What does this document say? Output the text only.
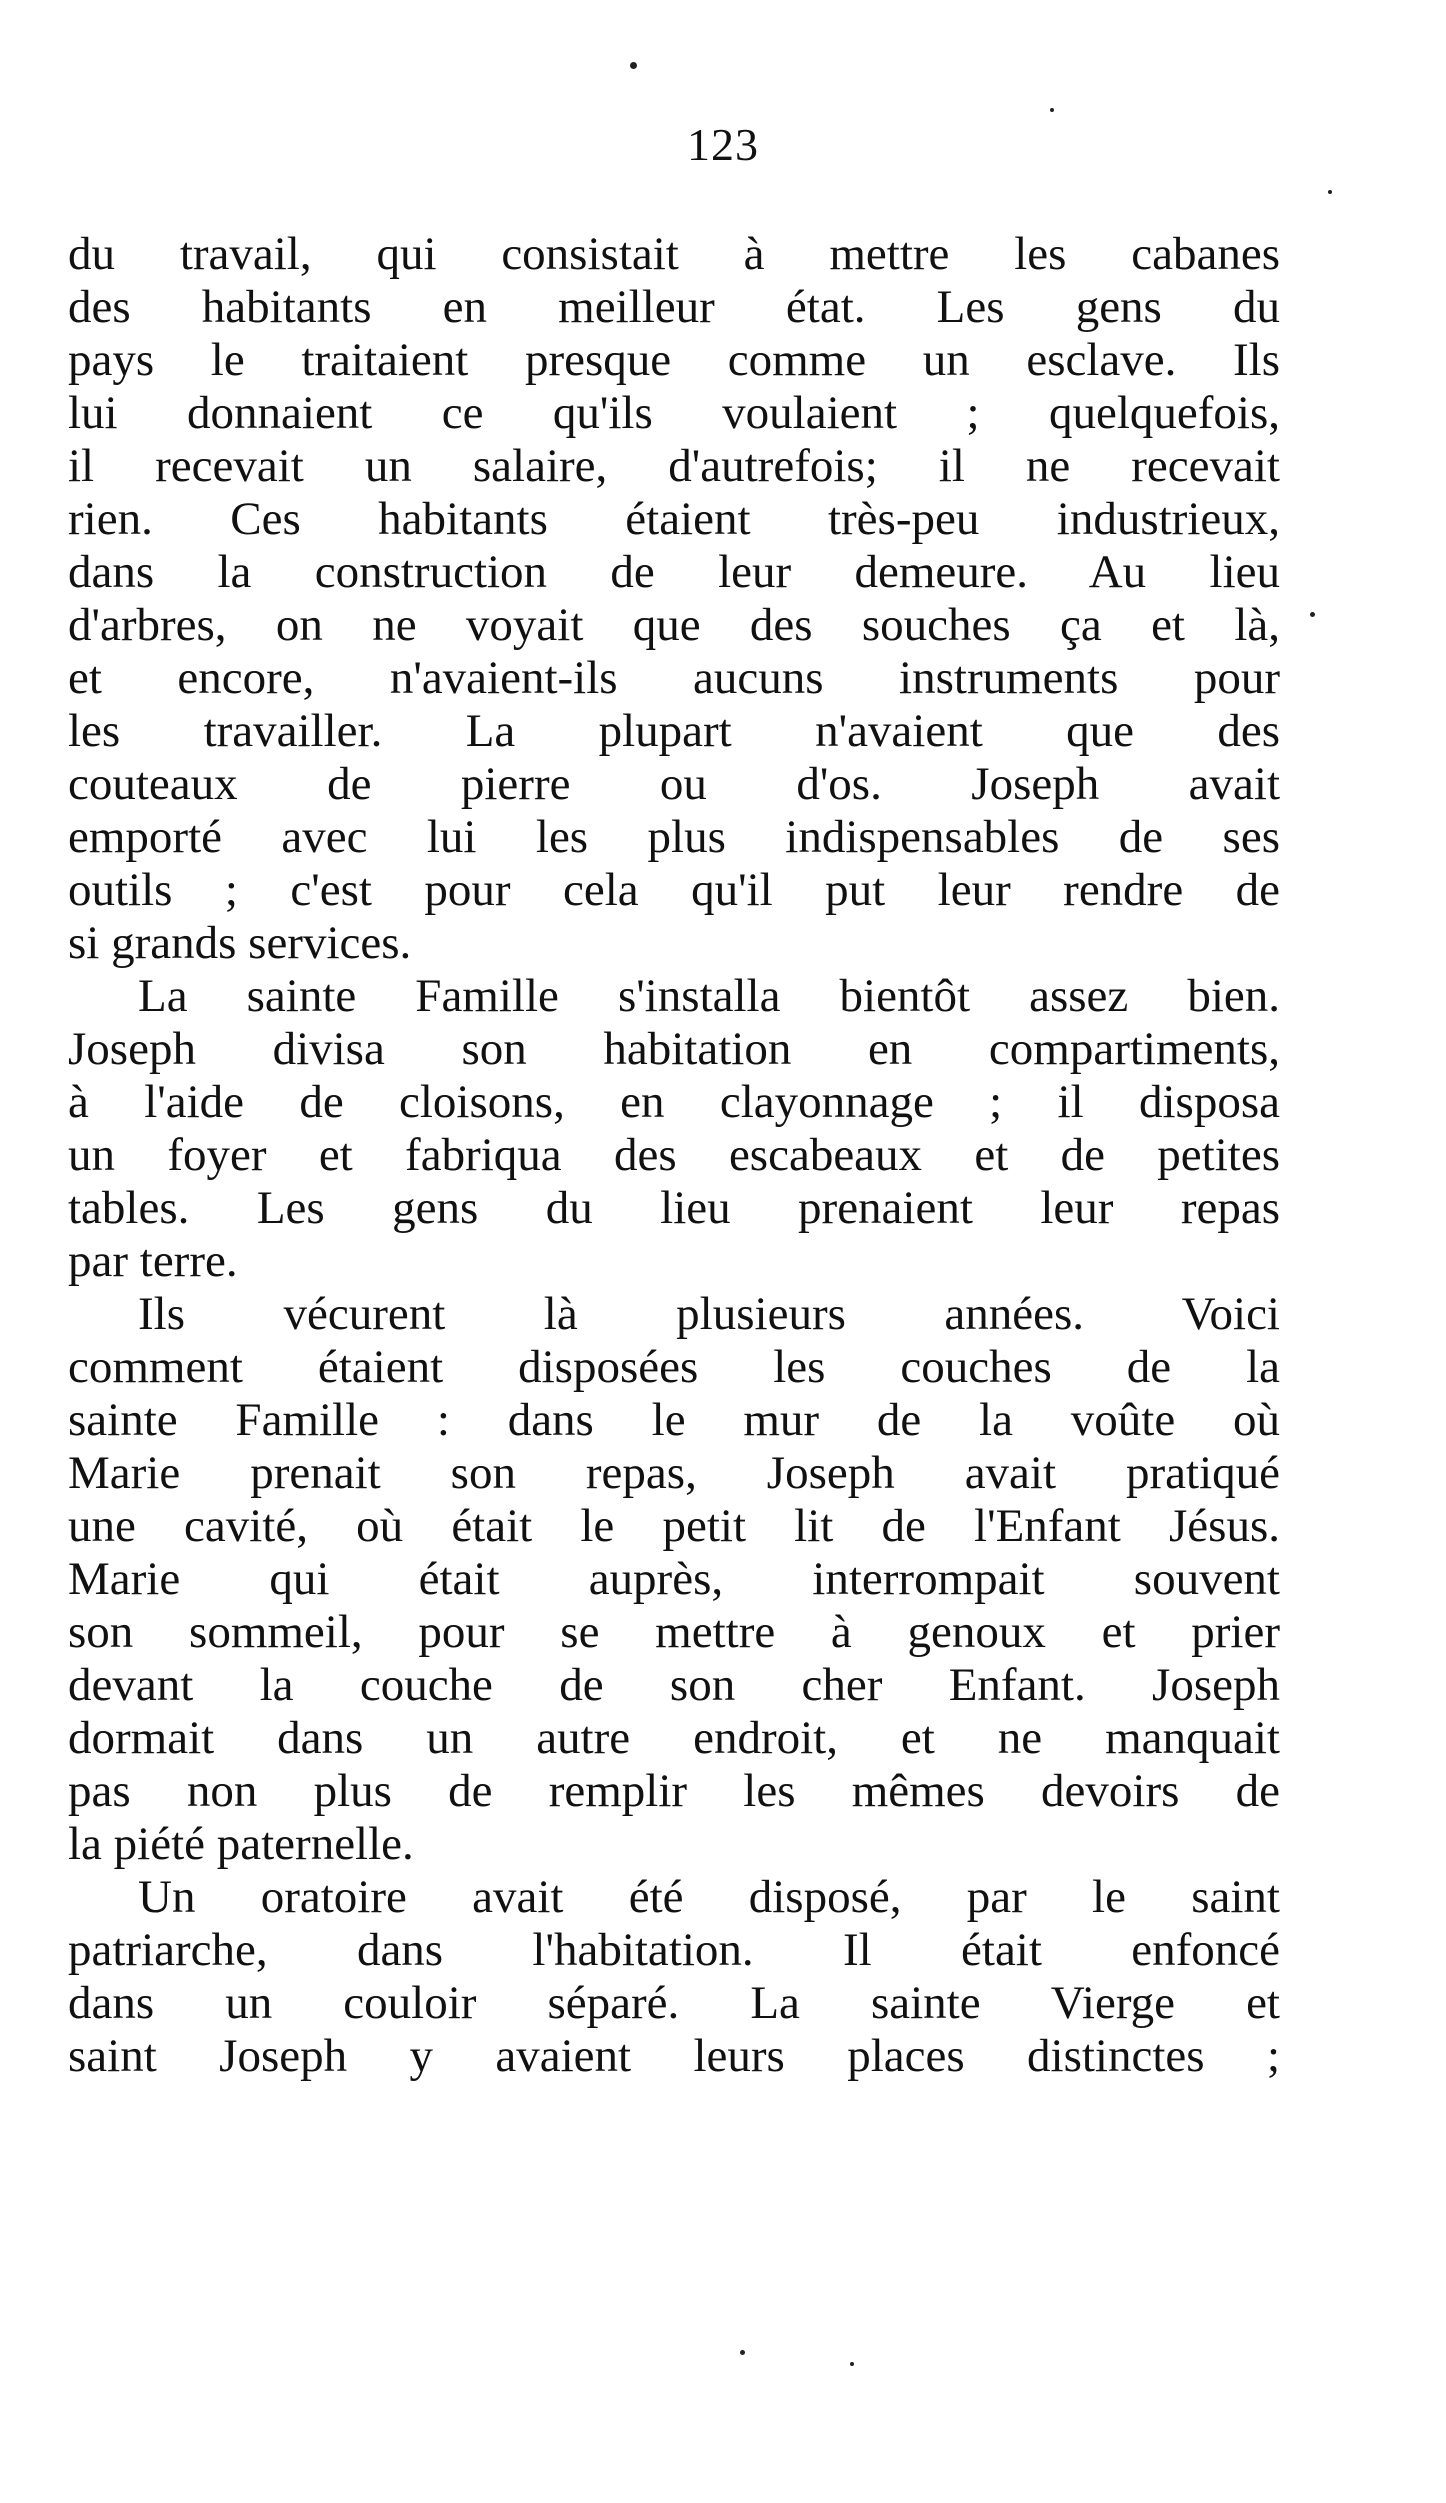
123
du travail, qui consistait à mettre les cabanes
des habitants en meilleur état. Les gens du
pays le traitaient presque comme un esclave. Ils
lui donnaient ce qu'ils voulaient ; quelquefois,
il recevait un salaire, d'autrefois; il ne recevait
rien. Ces habitants étaient très-peu industrieux,
dans la construction de leur demeure. Au lieu
d'arbres, on ne voyait que des souches ça et là,
et encore, n'avaient-ils aucuns instruments pour
les travailler. La plupart n'avaient que des
couteaux de pierre ou d'os. Joseph avait
emporté avec lui les plus indispensables de ses
outils ; c'est pour cela qu'il put leur rendre de
si grands services.
La sainte Famille s'installa bientôt assez bien.
Joseph divisa son habitation en compartiments,
à l'aide de cloisons, en clayonnage ; il disposa
un foyer et fabriqua des escabeaux et de petites
tables. Les gens du lieu prenaient leur repas
par terre.
Ils vécurent là plusieurs années. Voici
comment étaient disposées les couches de la
sainte Famille : dans le mur de la voûte où
Marie prenait son repas, Joseph avait pratiqué
une cavité, où était le petit lit de l'Enfant Jésus.
Marie qui était auprès, interrompait souvent
son sommeil, pour se mettre à genoux et prier
devant la couche de son cher Enfant. Joseph
dormait dans un autre endroit, et ne manquait
pas non plus de remplir les mêmes devoirs de
la piété paternelle.
Un oratoire avait été disposé, par le saint
patriarche, dans l'habitation. Il était enfoncé
dans un couloir séparé. La sainte Vierge et
saint Joseph y avaient leurs places distinctes ;
